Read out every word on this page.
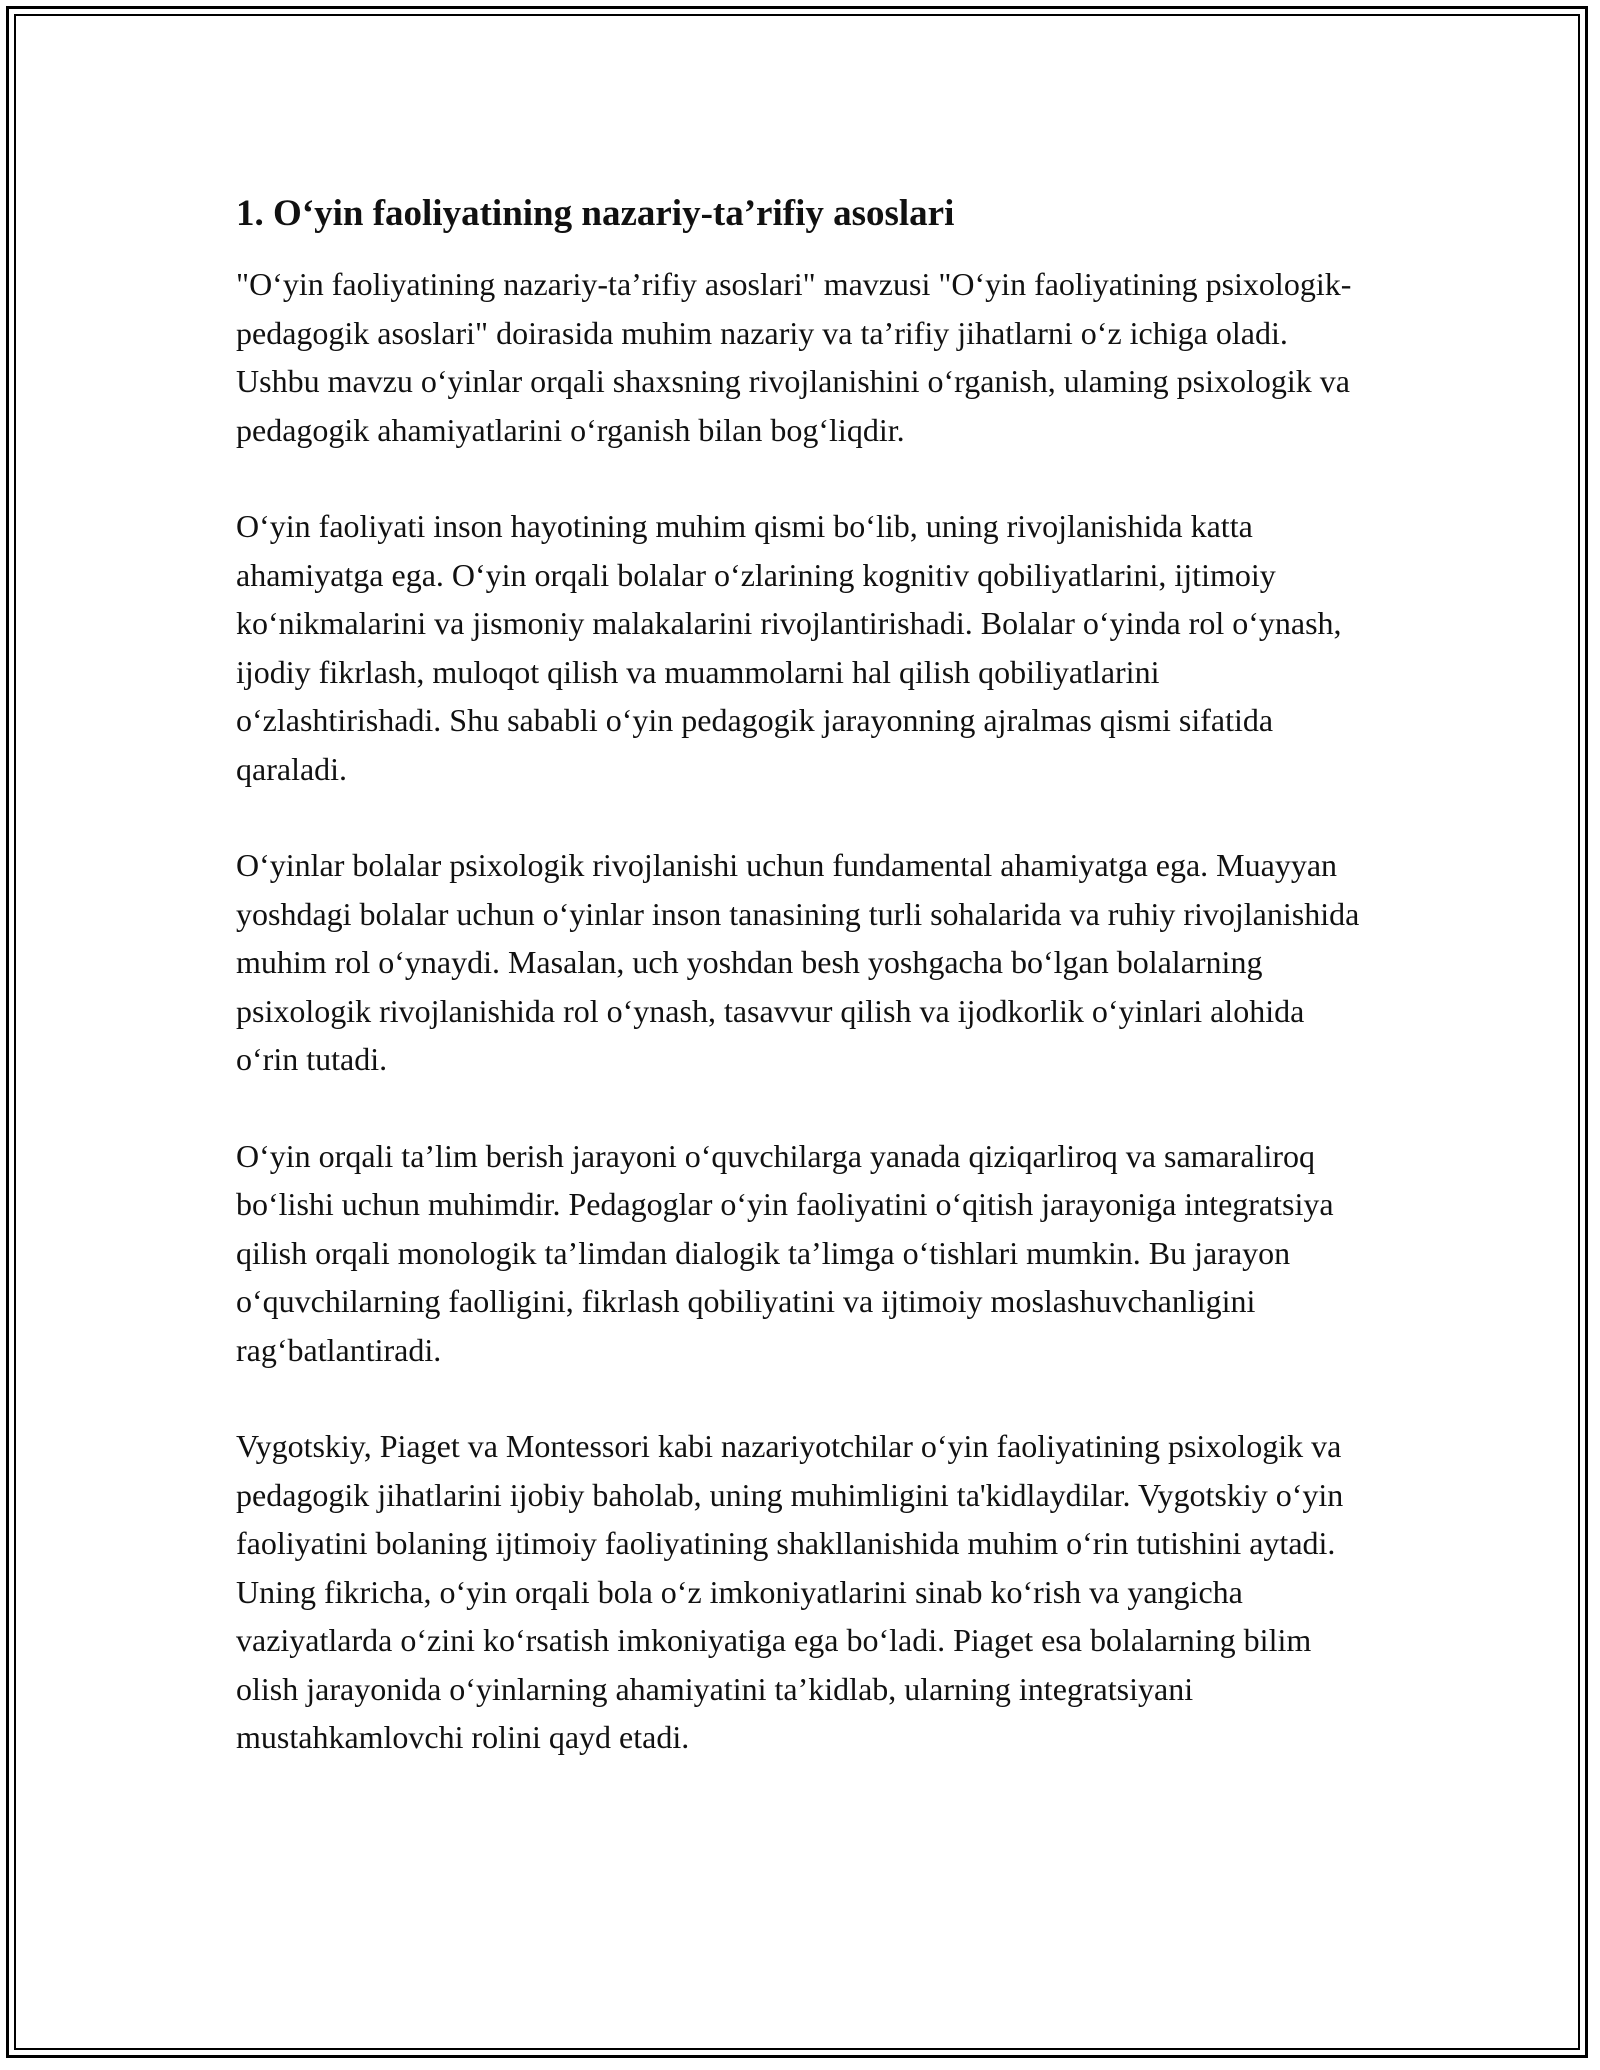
1. O‘yin faoliyatining nazariy-ta’rifiy asoslari

"O‘yin faoliyatining nazariy-ta’rifiy asoslari" mavzusi "O‘yin faoliyatining psixologik-pedagogik asoslari" doirasida muhim nazariy va ta’rifiy jihatlarni o‘z ichiga oladi. Ushbu mavzu o‘yinlar orqali shaxsning rivojlanishini o‘rganish, ulaming psixologik va pedagogik ahamiyatlarini o‘rganish bilan bog‘liqdir.

O‘yin faoliyati inson hayotining muhim qismi bo‘lib, uning rivojlanishida katta ahamiyatga ega. O‘yin orqali bolalar o‘zlarining kognitiv qobiliyatlarini, ijtimoiy ko‘nikmalarini va jismoniy malakalarini rivojlantirishadi. Bolalar o‘yinda rol o‘ynash, ijodiy fikrlash, muloqot qilish va muammolarni hal qilish qobiliyatlarini o‘zlashtirishadi. Shu sababli o‘yin pedagogik jarayonning ajralmas qismi sifatida qaraladi.

O‘yinlar bolalar psixologik rivojlanishi uchun fundamental ahamiyatga ega. Muayyan yoshdagi bolalar uchun o‘yinlar inson tanasining turli sohalarida va ruhiy rivojlanishida muhim rol o‘ynaydi. Masalan, uch yoshdan besh yoshgacha bo‘lgan bolalarning psixologik rivojlanishida rol o‘ynash, tasavvur qilish va ijodkorlik o‘yinlari alohida o‘rin tutadi.

O‘yin orqali ta’lim berish jarayoni o‘quvchilarga yanada qiziqarliroq va samaraliroq bo‘lishi uchun muhimdir. Pedagoglar o‘yin faoliyatini o‘qitish jarayoniga integratsiya qilish orqali monologik ta’limdan dialogik ta’limga o‘tishlari mumkin. Bu jarayon o‘quvchilarning faolligini, fikrlash qobiliyatini va ijtimoiy moslashuvchanligini rag‘batlantiradi.

Vygotskiy, Piaget va Montessori kabi nazariyotchilar o‘yin faoliyatining psixologik va pedagogik jihatlarini ijobiy baholab, uning muhimligini ta'kidlaydilar. Vygotskiy o‘yin faoliyatini bolaning ijtimoiy faoliyatining shakllanishida muhim o‘rin tutishini aytadi. Uning fikricha, o‘yin orqali bola o‘z imkoniyatlarini sinab ko‘rish va yangicha vaziyatlarda o‘zini ko‘rsatish imkoniyatiga ega bo‘ladi. Piaget esa bolalarning bilim olish jarayonida o‘yinlarning ahamiyatini ta’kidlab, ularning integratsiyani mustahkamlovchi rolini qayd etadi.
